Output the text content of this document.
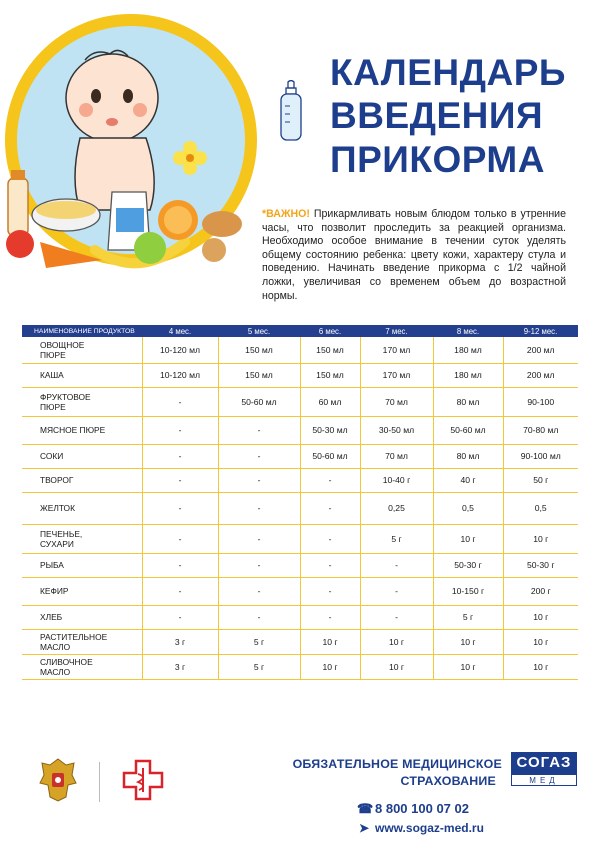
КАЛЕНДАРЬ
ВВЕДЕНИЯ
ПРИКОРМА
*ВАЖНО! Прикармливать новым блюдом только в утренние часы, что позволит проследить за реакцией организма. Необходимо особое внимание в течении суток уделять общему состоянию ребенка: цвету кожи, характеру стула и поведению. Начинать введение прикорма с 1/2 чайной ложки, увеличивая со временем объем до возрастной нормы.
НАИМЕНОВАНИЕ ПРОДУКТОВ	4 мес.	5 мес.	6 мес.	7 мес.	8 мес.	9-12 мес.
ОВОЩНОЕ ПЮРЕ	10-120 мл	150 мл	150 мл	170 мл	180 мл	200 мл
КАША	10-120 мл	150 мл	150 мл	170 мл	180 мл	200 мл
ФРУКТОВОЕ ПЮРЕ	-	50-60 мл	60 мл	70 мл	80 мл	90-100
МЯСНОЕ ПЮРЕ	-	-	50-30 мл	30-50 мл	50-60 мл	70-80 мл
СОКИ	-	-	50-60 мл	70 мл	80 мл	90-100 мл
ТВОРОГ	-	-	-	10-40 г	40 г	50 г
ЖЕЛТОК	-	-	-	0,25	0,5	0,5
ПЕЧЕНЬЕ, СУХАРИ	-	-	-	5 г	10 г	10 г
РЫБА	-	-	-	-	50-30 г	50-30 г
КЕФИР	-	-	-	-	10-150 г	200 г
ХЛЕБ	-	-	-	-	5 г	10 г
РАСТИТЕЛЬНОЕ МАСЛО	3 г	5 г	10 г	10 г	10 г	10 г
СЛИВОЧНОЕ МАСЛО	3 г	5 г	10 г	10 г	10 г	10 г
ОБЯЗАТЕЛЬНОЕ МЕДИЦИНСКОЕ
СТРАХОВАНИЕ
СОГАЗ
МЕД
☎ 8 800 100 07 02
➤ www.sogaz-med.ru
